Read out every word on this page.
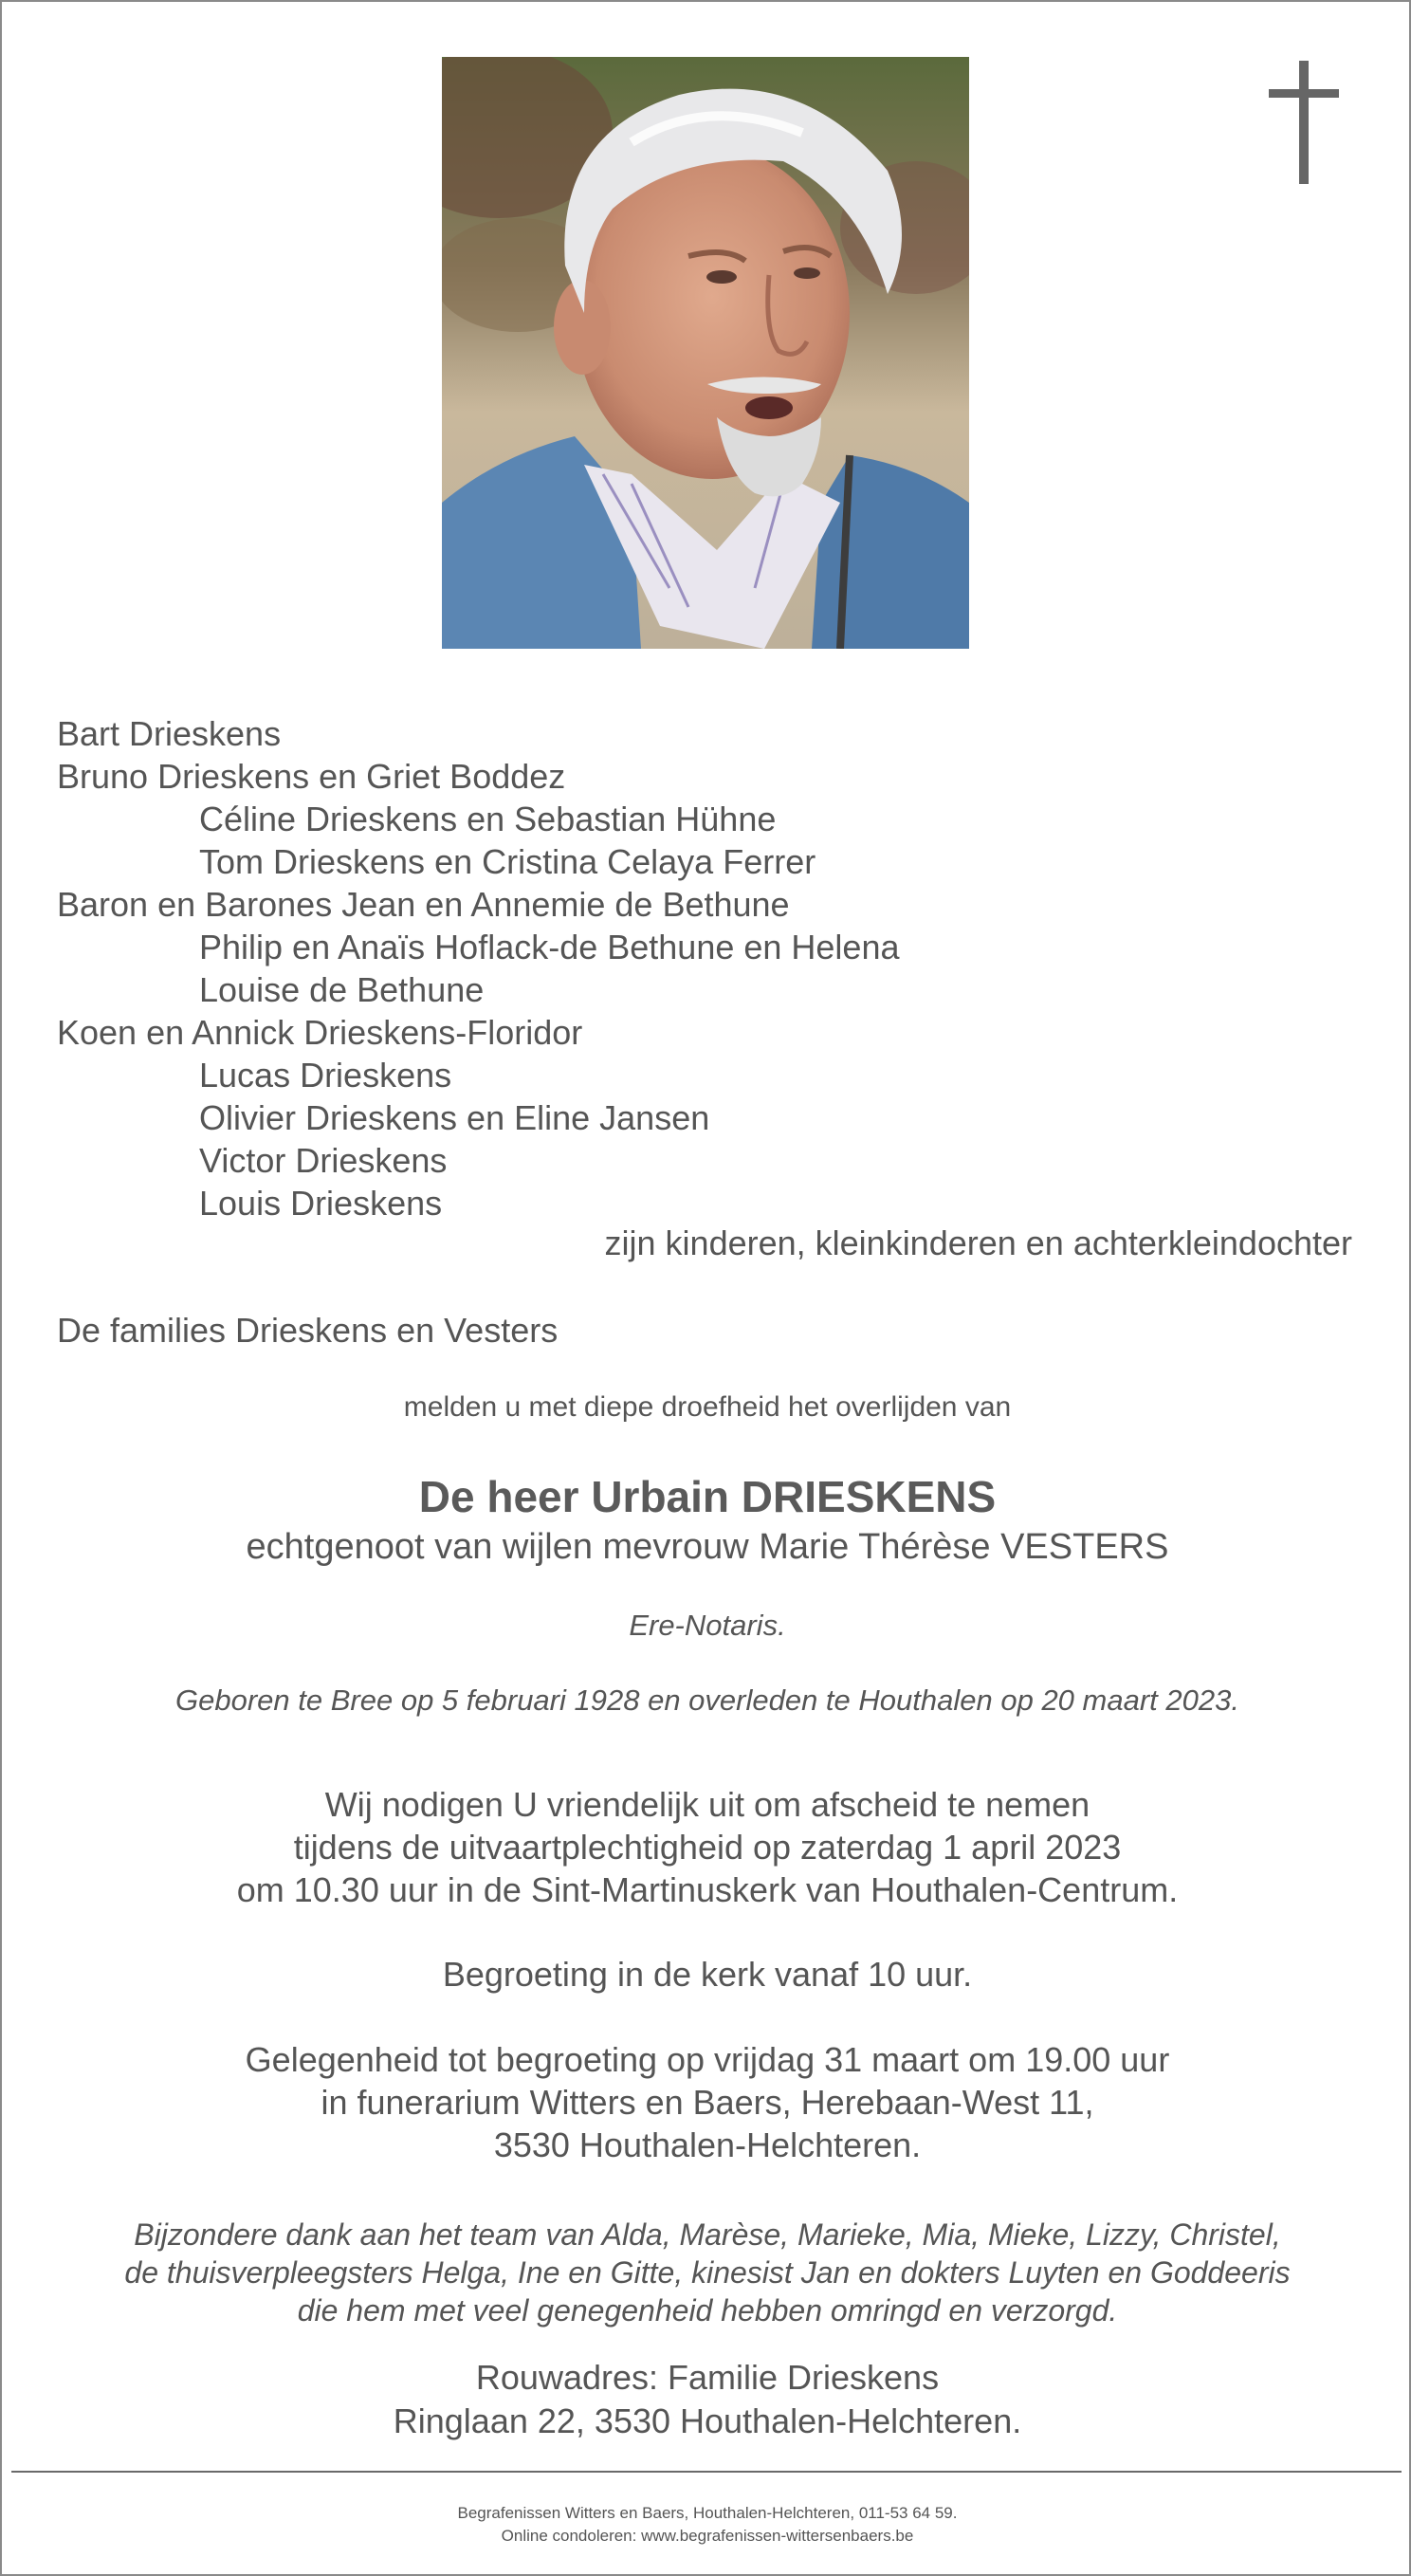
Bart Drieskens
Bruno Drieskens en Griet Boddez
Céline Drieskens en Sebastian Hühne
Tom Drieskens en Cristina Celaya Ferrer
Baron en Barones Jean en Annemie de Bethune
Philip en Anaïs Hoflack-de Bethune en Helena
Louise de Bethune
Koen en Annick Drieskens-Floridor
Lucas Drieskens
Olivier Drieskens en Eline Jansen
Victor Drieskens
Louis Drieskens
zijn kinderen, kleinkinderen en achterkleindochter
De families Drieskens en Vesters
melden u met diepe droefheid het overlijden van
De heer Urbain DRIESKENS
echtgenoot van wijlen mevrouw Marie Thérèse VESTERS
Ere-Notaris.
Geboren te Bree op 5 februari 1928 en overleden te Houthalen op 20 maart 2023.
Wij nodigen U vriendelijk uit om afscheid te nemen
tijdens de uitvaartplechtigheid op zaterdag 1 april 2023
om 10.30 uur in de Sint-Martinuskerk van Houthalen-Centrum.
Begroeting in de kerk vanaf 10 uur.
Gelegenheid tot begroeting op vrijdag 31 maart om 19.00 uur
in funerarium Witters en Baers, Herebaan-West 11,
3530 Houthalen-Helchteren.
Bijzondere dank aan het team van Alda, Marèse, Marieke, Mia, Mieke, Lizzy, Christel,
de thuisverpleegsters Helga, Ine en Gitte, kinesist Jan en dokters Luyten en Goddeeris
die hem met veel genegenheid hebben omringd en verzorgd.
Rouwadres: Familie Drieskens
Ringlaan 22, 3530 Houthalen-Helchteren.
Begrafenissen Witters en Baers, Houthalen-Helchteren, 011-53 64 59.
Online condoleren: www.begrafenissen-wittersenbaers.be
